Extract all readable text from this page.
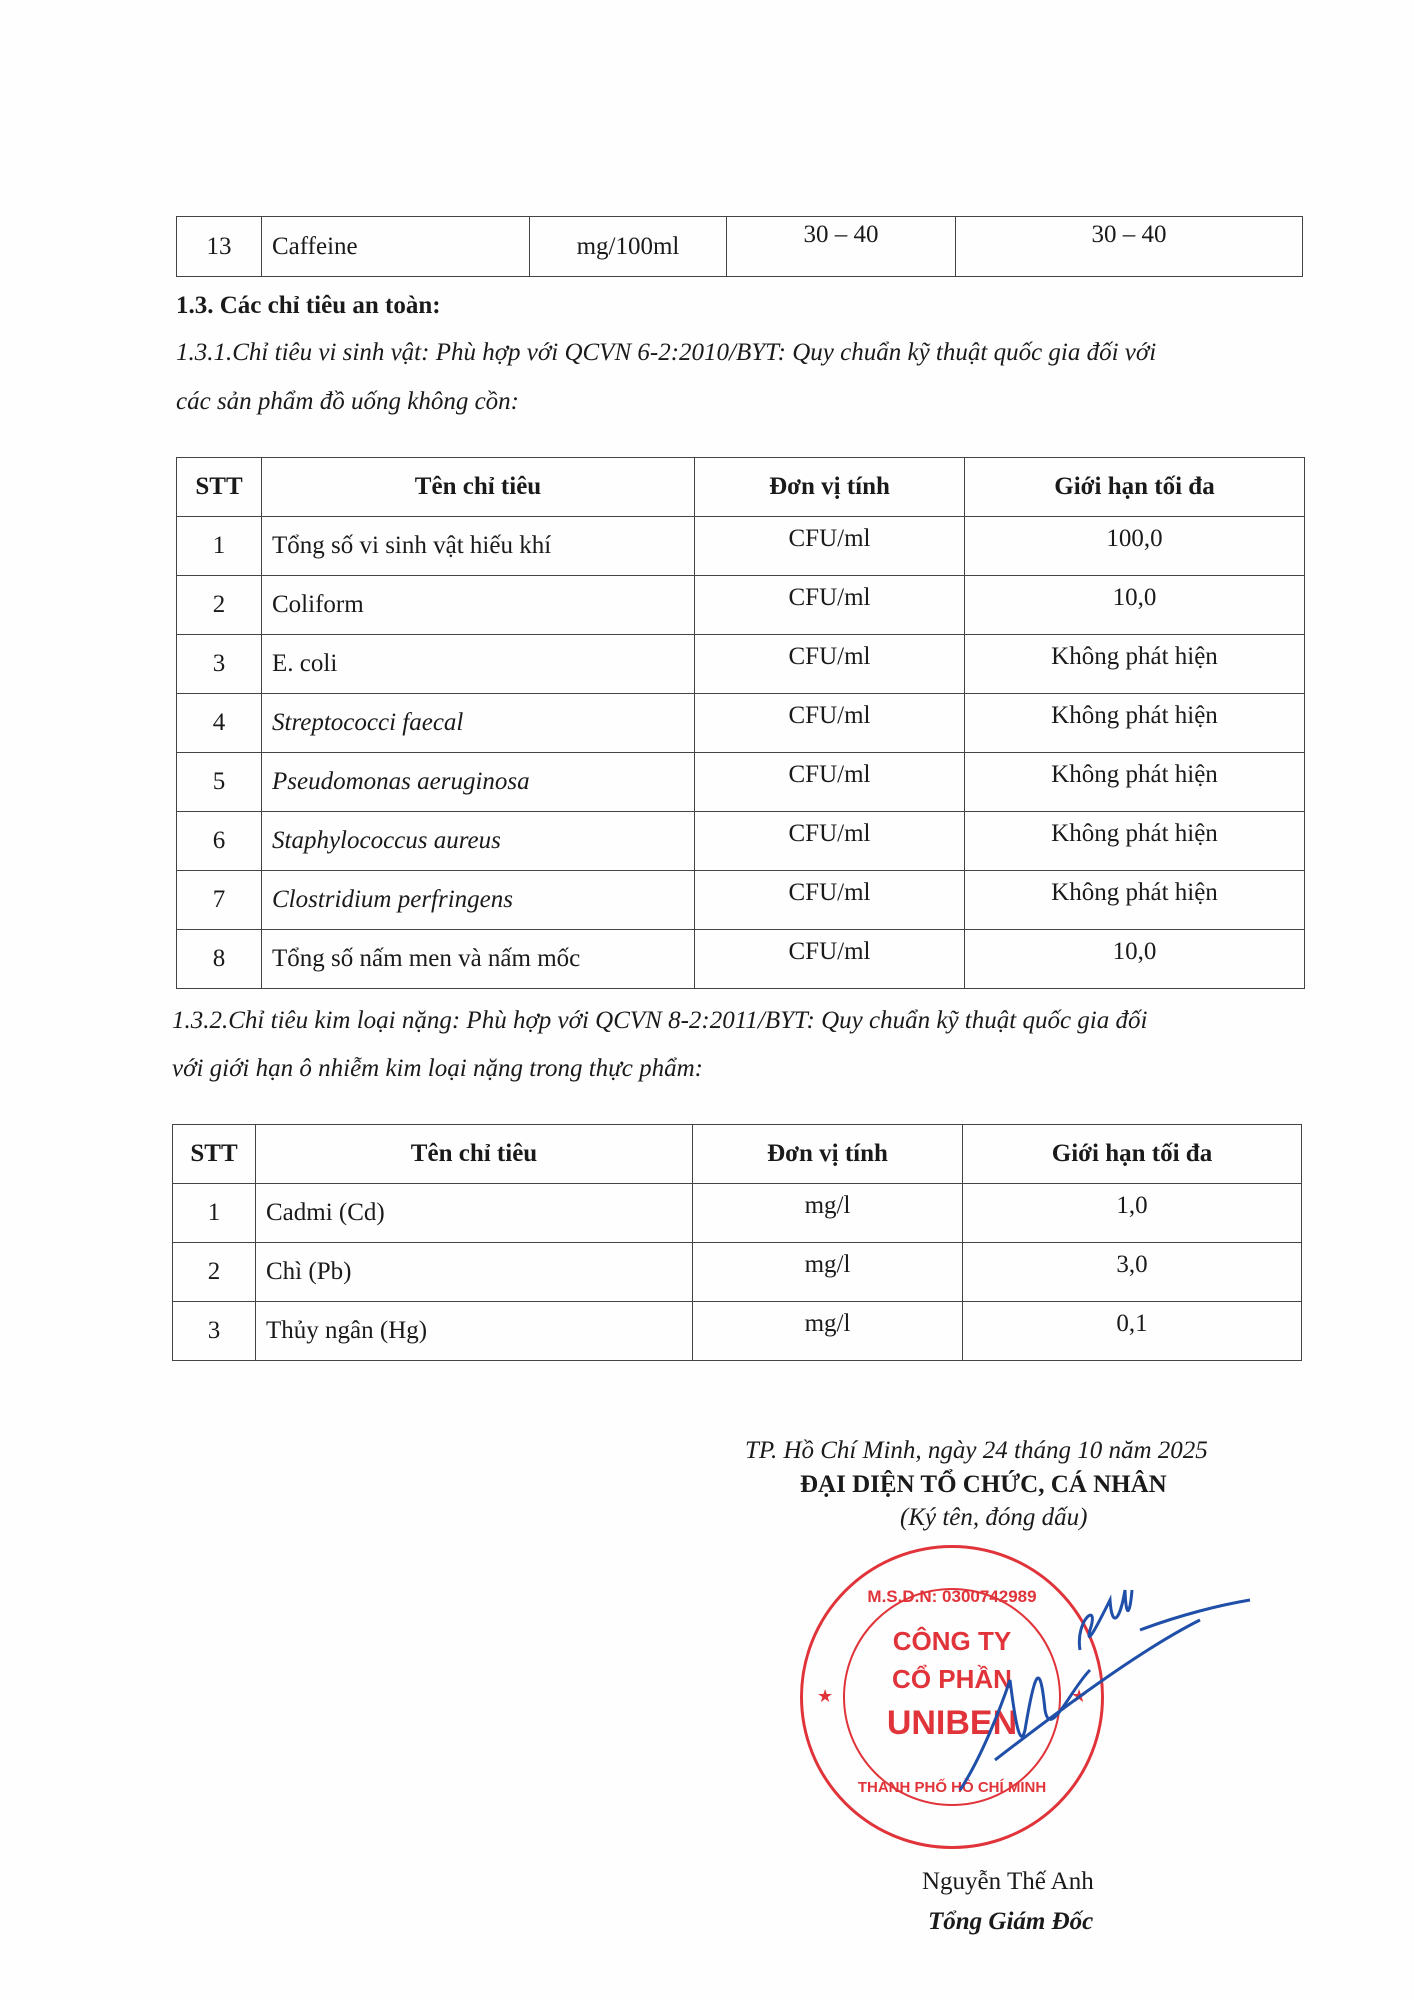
13	Caffeine	mg/100ml	30 – 40	30 – 40
1.3. Các chỉ tiêu an toàn:
1.3.1.Chỉ tiêu vi sinh vật: Phù hợp với QCVN 6-2:2010/BYT: Quy chuẩn kỹ thuật quốc gia đối với
các sản phẩm đồ uống không cồn:
STT	Tên chỉ tiêu	Đơn vị tính	Giới hạn tối đa
1	Tổng số vi sinh vật hiếu khí	CFU/ml	100,0
2	Coliform	CFU/ml	10,0
3	E. coli	CFU/ml	Không phát hiện
4	Streptococci faecal	CFU/ml	Không phát hiện
5	Pseudomonas aeruginosa	CFU/ml	Không phát hiện
6	Staphylococcus aureus	CFU/ml	Không phát hiện
7	Clostridium perfringens	CFU/ml	Không phát hiện
8	Tổng số nấm men và nấm mốc	CFU/ml	10,0
1.3.2.Chỉ tiêu kim loại nặng: Phù hợp với QCVN 8-2:2011/BYT: Quy chuẩn kỹ thuật quốc gia đối
với giới hạn ô nhiễm kim loại nặng trong thực phẩm:
STT	Tên chỉ tiêu	Đơn vị tính	Giới hạn tối đa
1	Cadmi (Cd)	mg/l	1,0
2	Chì (Pb)	mg/l	3,0
3	Thủy ngân (Hg)	mg/l	0,1
TP. Hồ Chí Minh, ngày 24 tháng 10 năm 2025
ĐẠI DIỆN TỔ CHỨC, CÁ NHÂN
(Ký tên, đóng dấu)
M.S.D.N: 0300742989
CÔNG TY
CỔ PHẦN
UNIBEN
THÀNH PHỐ HỒ CHÍ MINH
★	★
Nguyễn Thế Anh
Tổng Giám Đốc
